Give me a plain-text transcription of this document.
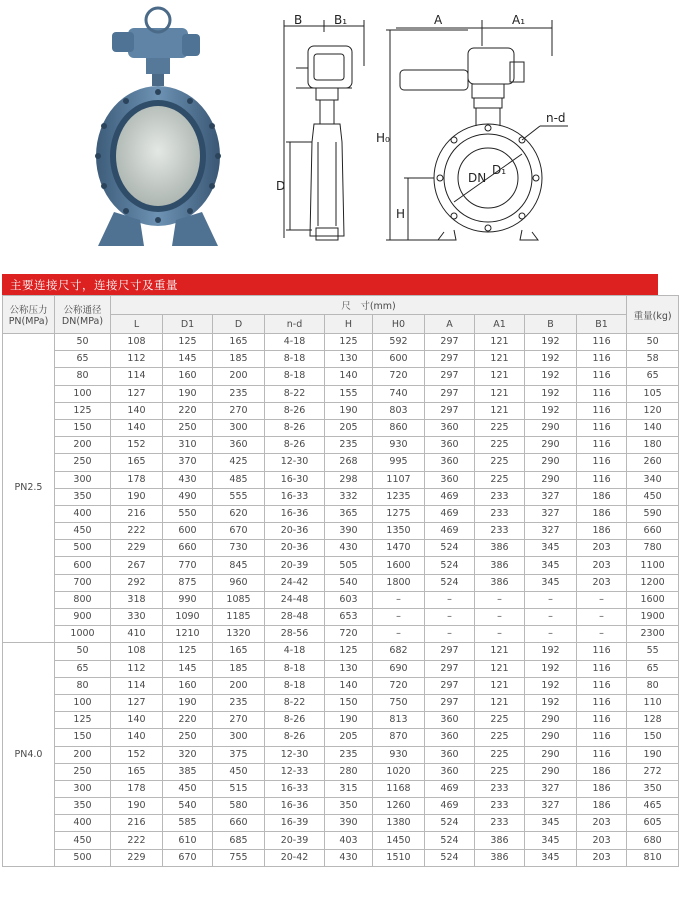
B	B₁
D
A	A₁
H₀
H
n-d
DN
D₁
主要连接尺寸，连接尺寸及重量
公称压力
PN(MPa)	公称通径
DN(MPa)	尺　寸(mm)										重量(kg)
		L	D1	D	n-d	H	H0	A	A1	B	B1	
PN2.5	50	108	125	165	4-18	125	592	297	121	192	116	50
	65	112	145	185	8-18	130	600	297	121	192	116	58
	80	114	160	200	8-18	140	720	297	121	192	116	65
	100	127	190	235	8-22	155	740	297	121	192	116	105
	125	140	220	270	8-26	190	803	297	121	192	116	120
	150	140	250	300	8-26	205	860	360	225	290	116	140
	200	152	310	360	8-26	235	930	360	225	290	116	180
	250	165	370	425	12-30	268	995	360	225	290	116	260
	300	178	430	485	16-30	298	1107	360	225	290	116	340
	350	190	490	555	16-33	332	1235	469	233	327	186	450
	400	216	550	620	16-36	365	1275	469	233	327	186	590
	450	222	600	670	20-36	390	1350	469	233	327	186	660
	500	229	660	730	20-36	430	1470	524	386	345	203	780
	600	267	770	845	20-39	505	1600	524	386	345	203	1100
	700	292	875	960	24-42	540	1800	524	386	345	203	1200
	800	318	990	1085	24-48	603	–	–	–	–	–	1600
	900	330	1090	1185	28-48	653	–	–	–	–	–	1900
	1000	410	1210	1320	28-56	720	–	–	–	–	–	2300
PN4.0	50	108	125	165	4-18	125	682	297	121	192	116	55
	65	112	145	185	8-18	130	690	297	121	192	116	65
	80	114	160	200	8-18	140	720	297	121	192	116	80
	100	127	190	235	8-22	150	750	297	121	192	116	110
	125	140	220	270	8-26	190	813	360	225	290	116	128
	150	140	250	300	8-26	205	870	360	225	290	116	150
	200	152	320	375	12-30	235	930	360	225	290	116	190
	250	165	385	450	12-33	280	1020	360	225	290	186	272
	300	178	450	515	16-33	315	1168	469	233	327	186	350
	350	190	540	580	16-36	350	1260	469	233	327	186	465
	400	216	585	660	16-39	390	1380	524	233	345	203	605
	450	222	610	685	20-39	403	1450	524	386	345	203	680
	500	229	670	755	20-42	430	1510	524	386	345	203	810
